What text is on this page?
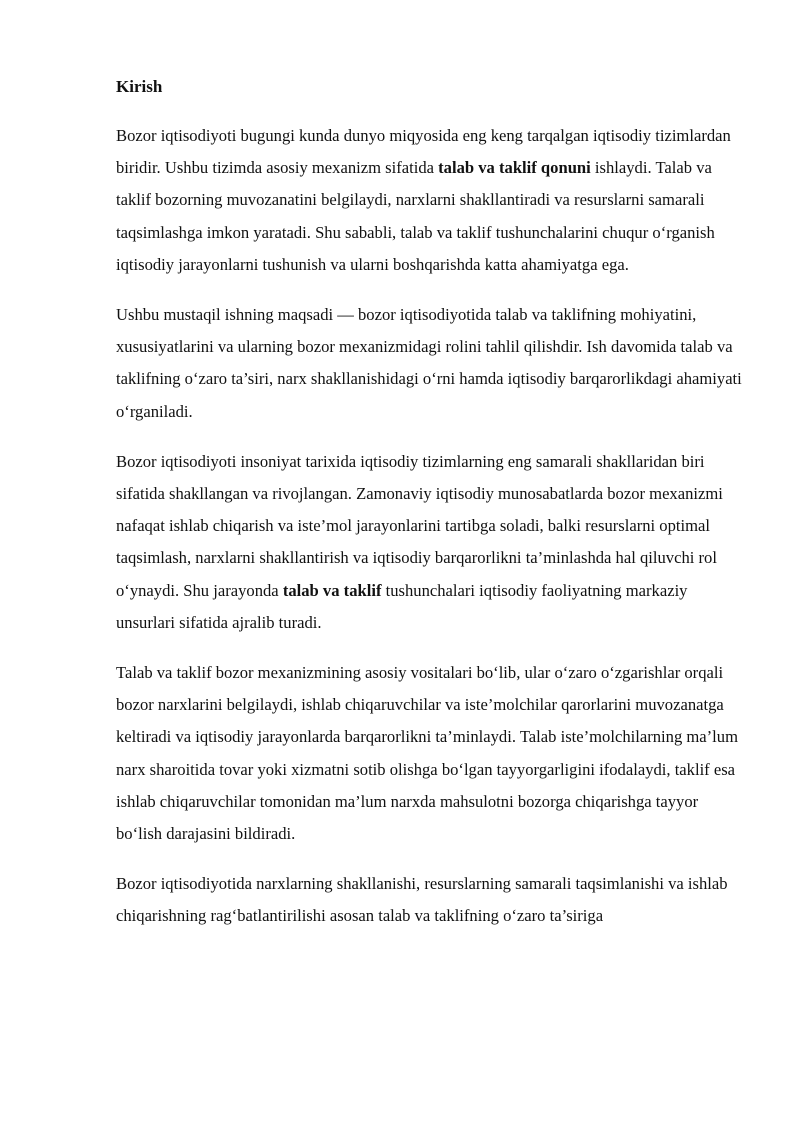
Kirish

Bozor iqtisodiyoti bugungi kunda dunyo miqyosida eng keng tarqalgan iqtisodiy tizimlardan biridir. Ushbu tizimda asosiy mexanizm sifatida talab va taklif qonuni ishlaydi. Talab va taklif bozorning muvozanatini belgilaydi, narxlarni shakllantiradi va resurslarni samarali taqsimlashga imkon yaratadi. Shu sababli, talab va taklif tushunchalarini chuqur o‘rganish iqtisodiy jarayonlarni tushunish va ularni boshqarishda katta ahamiyatga ega.

Ushbu mustaqil ishning maqsadi — bozor iqtisodiyotida talab va taklifning mohiyatini, xususiyatlarini va ularning bozor mexanizmidagi rolini tahlil qilishdir. Ish davomida talab va taklifning o‘zaro ta’siri, narx shakllanishidagi o‘rni hamda iqtisodiy barqarorlikdagi ahamiyati o‘rganiladi.

Bozor iqtisodiyoti insoniyat tarixida iqtisodiy tizimlarning eng samarali shakllaridan biri sifatida shakllangan va rivojlangan. Zamonaviy iqtisodiy munosabatlarda bozor mexanizmi nafaqat ishlab chiqarish va iste’mol jarayonlarini tartibga soladi, balki resurslarni optimal taqsimlash, narxlarni shakllantirish va iqtisodiy barqarorlikni ta’minlashda hal qiluvchi rol o‘ynaydi. Shu jarayonda talab va taklif tushunchalari iqtisodiy faoliyatning markaziy unsurlari sifatida ajralib turadi.

Talab va taklif bozor mexanizmining asosiy vositalari bo‘lib, ular o‘zaro o‘zgarishlar orqali bozor narxlarini belgilaydi, ishlab chiqaruvchilar va iste’molchilar qarorlarini muvozanatga keltiradi va iqtisodiy jarayonlarda barqarorlikni ta’minlaydi. Talab iste’molchilarning ma’lum narx sharoitida tovar yoki xizmatni sotib olishga bo‘lgan tayyorgarligini ifodalaydi, taklif esa ishlab chiqaruvchilar tomonidan ma’lum narxda mahsulotni bozorga chiqarishga tayyor bo‘lish darajasini bildiradi.

Bozor iqtisodiyotida narxlarning shakllanishi, resurslarning samarali taqsimlanishi va ishlab chiqarishning rag‘batlantirilishi asosan talab va taklifning o‘zaro ta’siriga
